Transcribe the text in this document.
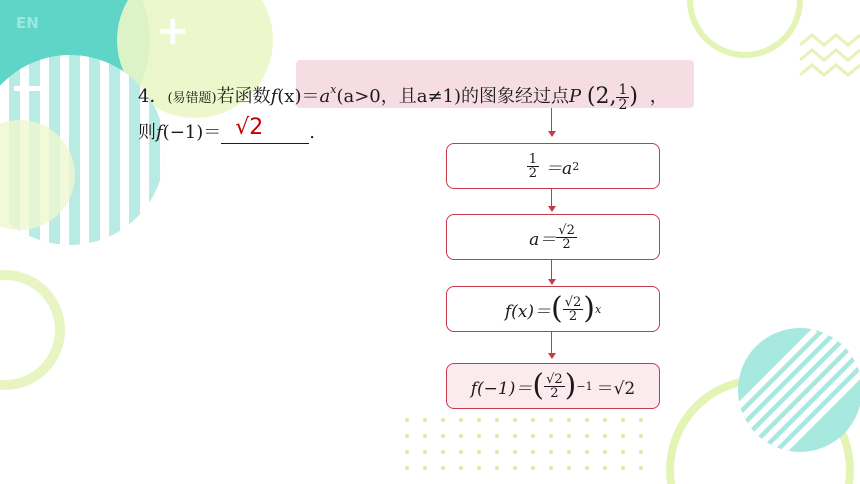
EN	+
4．(易错题)若函数$f(x)=a^x(a>0$，且a≠1)的图象经过点P (2, $\frac{1}{2}$ ) ，
则f(−1)＝ √2	.
$\frac{1}{2} =a$ 2
$a= \frac{√2}{2}$
f(x)＝ ( $\frac{√2}{2}$ ) x
f(−1)＝ ( $\frac{√2}{2}$ ) −1 ＝√2
